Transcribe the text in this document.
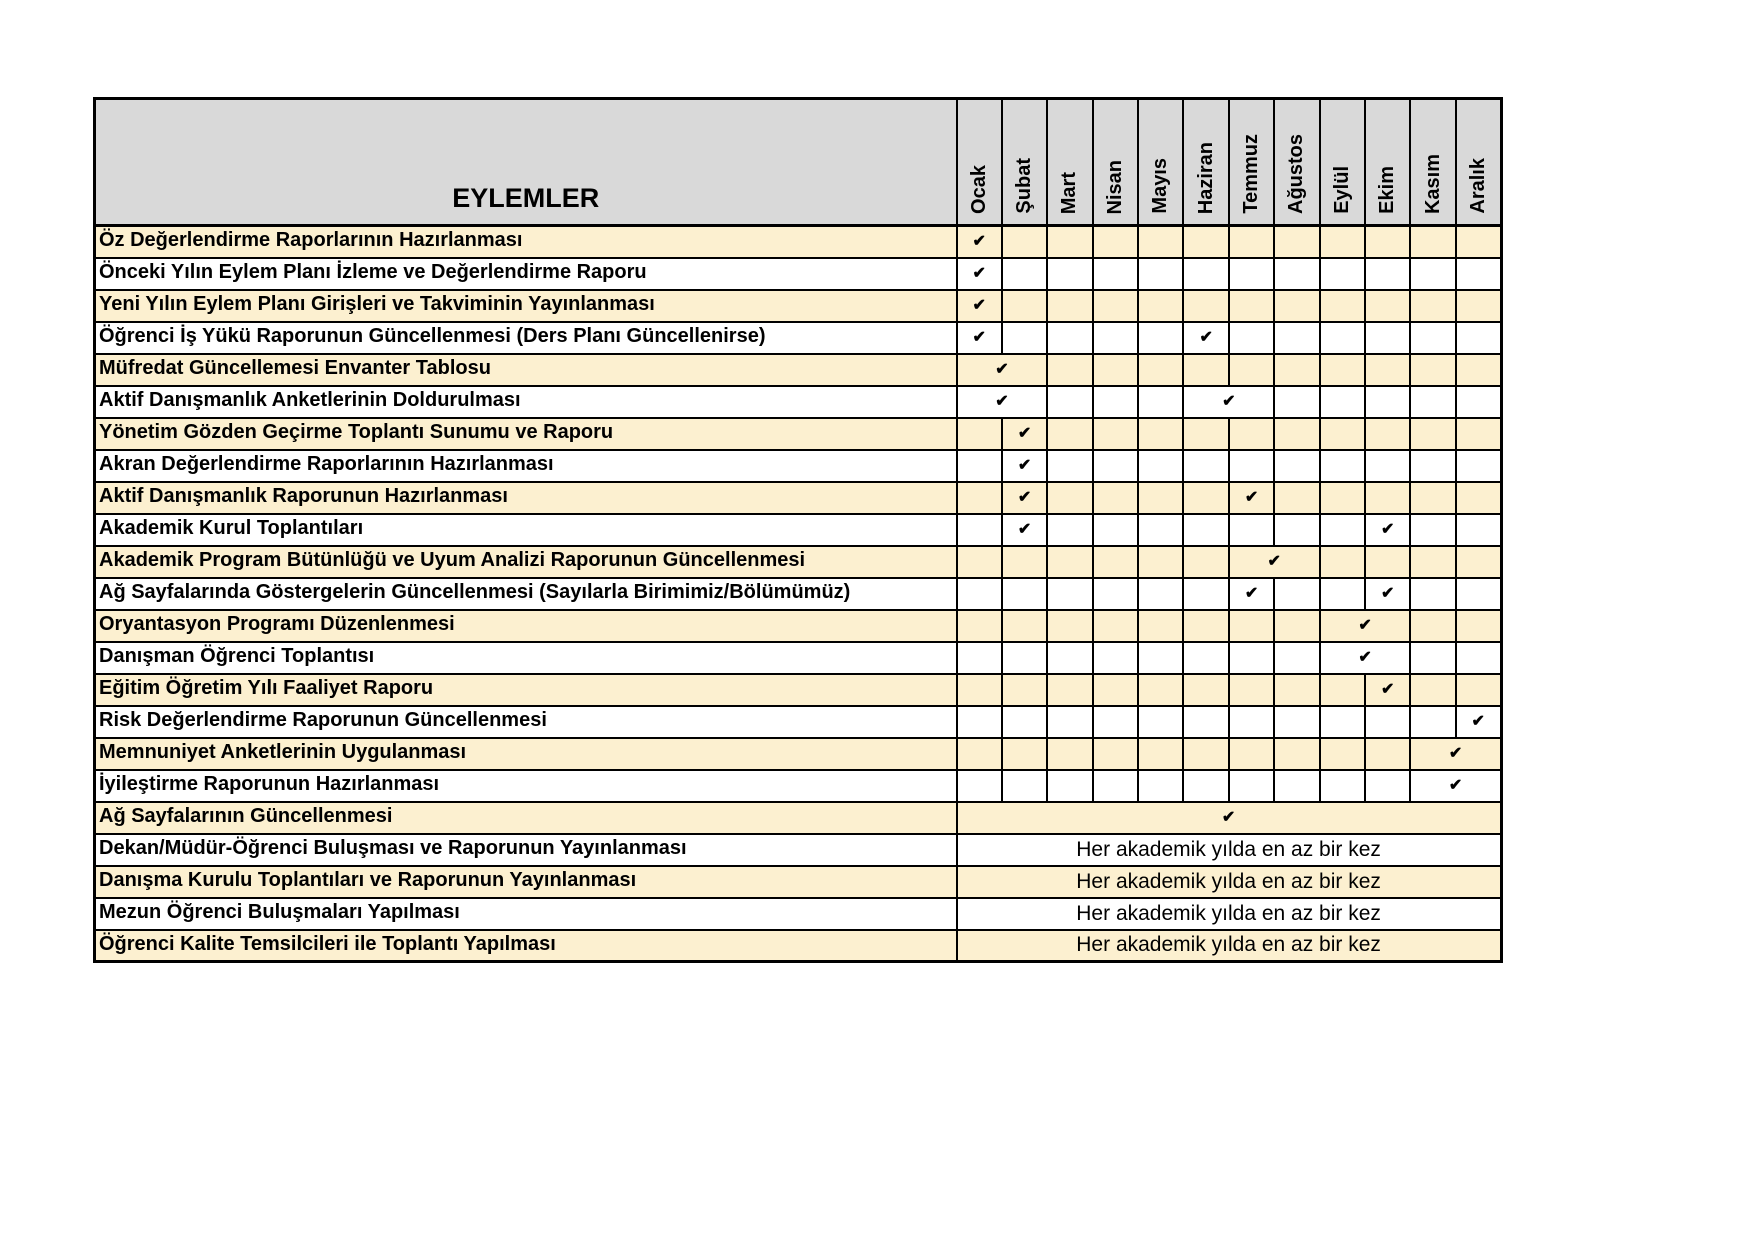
EYLEMLER	Ocak	Şubat	Mart	Nisan	Mayıs	Haziran	Temmuz	Ağustos	Eylül	Ekim	Kasım	Aralık
Öz Değerlendirme Raporlarının Hazırlanması	✔											
Önceki Yılın Eylem Planı İzleme ve Değerlendirme Raporu	✔											
Yeni Yılın Eylem Planı Girişleri ve Takviminin Yayınlanması	✔											
Öğrenci İş Yükü Raporunun Güncellenmesi (Ders Planı Güncellenirse)	✔					✔						
Müfredat Güncellemesi Envanter Tablosu	✔											
Aktif Danışmanlık Anketlerinin Doldurulması	✔					✔						
Yönetim Gözden Geçirme Toplantı Sunumu ve Raporu		✔										
Akran Değerlendirme Raporlarının Hazırlanması		✔										
Aktif Danışmanlık Raporunun Hazırlanması		✔					✔					
Akademik Kurul Toplantıları		✔								✔		
Akademik Program Bütünlüğü ve Uyum Analizi Raporunun Güncellenmesi							✔					
Ağ Sayfalarında Göstergelerin Güncellenmesi (Sayılarla Birimimiz/Bölümümüz)							✔			✔		
Oryantasyon Programı Düzenlenmesi									✔			
Danışman Öğrenci Toplantısı									✔			
Eğitim Öğretim Yılı Faaliyet Raporu										✔		
Risk Değerlendirme Raporunun Güncellenmesi												✔
Memnuniyet Anketlerinin Uygulanması											✔	
İyileştirme Raporunun Hazırlanması											✔	
Ağ Sayfalarının Güncellenmesi	✔											
Dekan/Müdür-Öğrenci Buluşması ve Raporunun Yayınlanması	Her akademik yılda en az bir kez											
Danışma Kurulu Toplantıları ve Raporunun Yayınlanması	Her akademik yılda en az bir kez											
Mezun Öğrenci Buluşmaları Yapılması	Her akademik yılda en az bir kez											
Öğrenci Kalite Temsilcileri ile Toplantı Yapılması	Her akademik yılda en az bir kez											
